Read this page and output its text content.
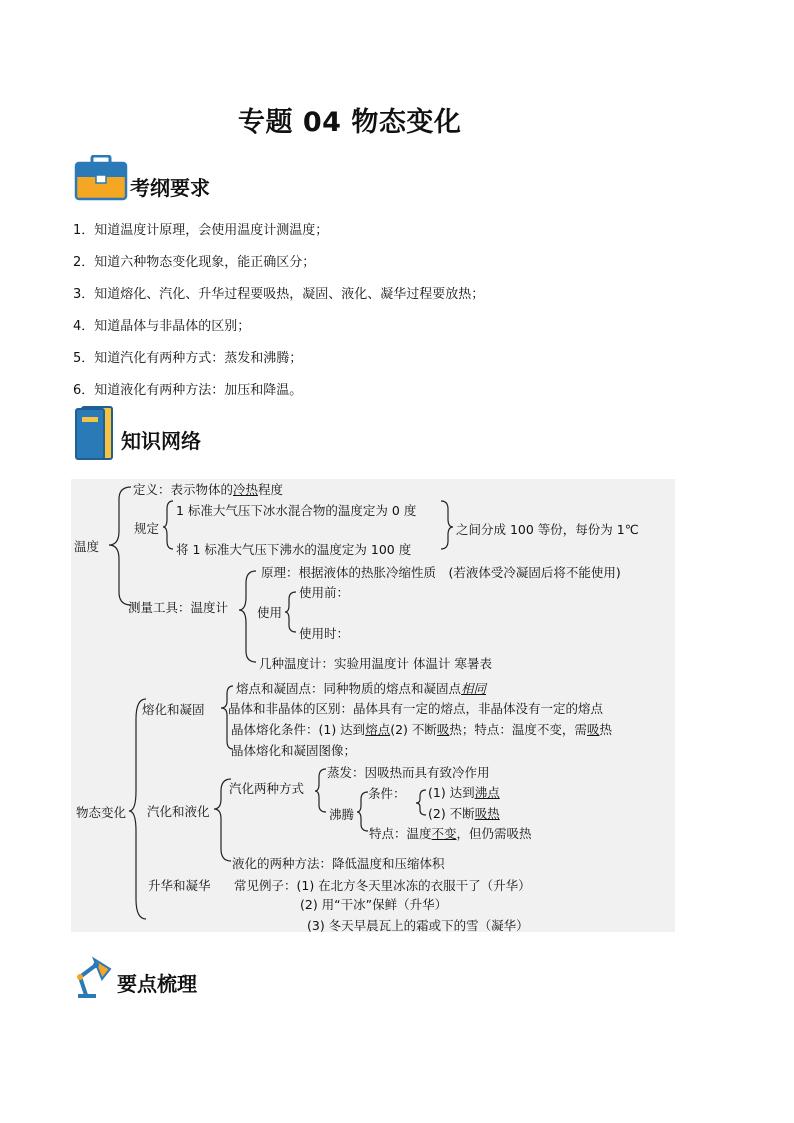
专题 04 物态变化
考纲要求
1．知道温度计原理，会使用温度计测温度；
2．知道六种物态变化现象，能正确区分；
3．知道熔化、汽化、升华过程要吸热，凝固、液化、凝华过程要放热；
4．知道晶体与非晶体的区别；
5．知道汽化有两种方式：蒸发和沸腾；
6．知道液化有两种方法：加压和降温。
知识网络
温度
定义：表示物体的冷热程度
规定
1 标准大气压下冰水混合物的温度定为 0 度
将 1 标准大气压下沸水的温度定为 100 度
之间分成 100 等份，每份为 1℃
测量工具：温度计
原理：根据液体的热胀冷缩性质　(若液体受冷凝固后将不能使用)
使用
使用前：
使用时：
几种温度计：实验用温度计 体温计 寒暑表
物态变化
熔化和凝固
熔点和凝固点：同种物质的熔点和凝固点相同
晶体和非晶体的区别：晶体具有一定的熔点，非晶体没有一定的熔点
晶体熔化条件：(1) 达到熔点(2) 不断吸热；特点：温度不变，需吸热
晶体熔化和凝固图像；
汽化和液化
汽化两种方式
蒸发：因吸热而具有致冷作用
沸腾
条件： (1) 达到沸点
(2) 不断吸热
特点：温度不变，但仍需吸热
液化的两种方法：降低温度和压缩体积
升华和凝华 常见例子：(1) 在北方冬天里冰冻的衣服干了（升华）
(2) 用“干冰”保鲜（升华）
(3) 冬天早晨瓦上的霜或下的雪（凝华）
要点梳理
